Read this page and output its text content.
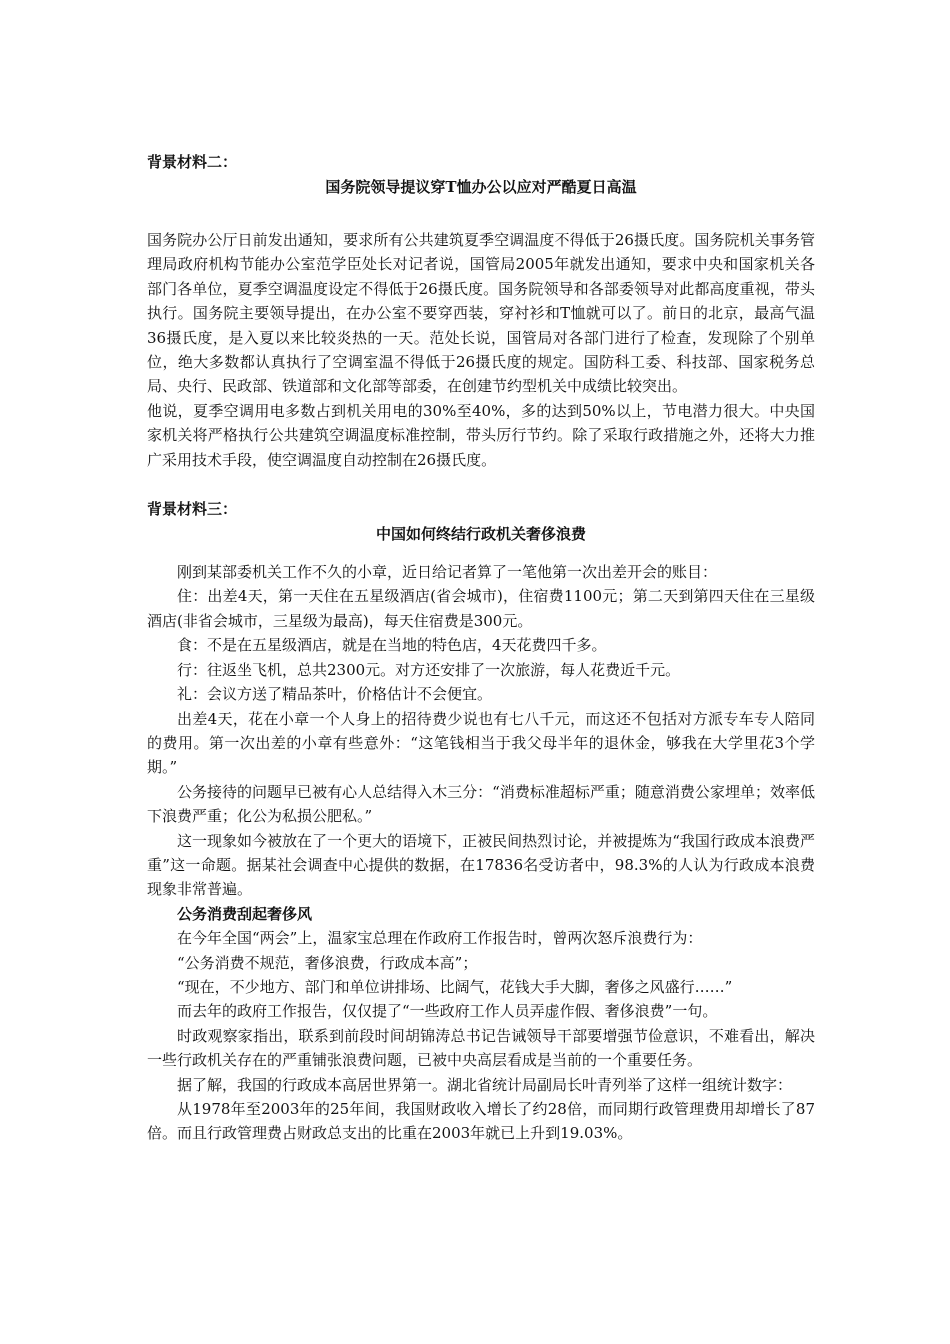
背景材料二：

国务院领导提议穿T恤办公以应对严酷夏日高温

国务院办公厅日前发出通知，要求所有公共建筑夏季空调温度不得低于26摄氏度。国务院机关事务管理局政府机构节能办公室范学臣处长对记者说，国管局2005年就发出通知，要求中央和国家机关各部门各单位，夏季空调温度设定不得低于26摄氏度。国务院领导和各部委领导对此都高度重视，带头执行。国务院主要领导提出，在办公室不要穿西装，穿衬衫和T恤就可以了。前日的北京，最高气温36摄氏度，是入夏以来比较炎热的一天。范处长说，国管局对各部门进行了检查，发现除了个别单位，绝大多数都认真执行了空调室温不得低于26摄氏度的规定。国防科工委、科技部、国家税务总局、央行、民政部、铁道部和文化部等部委，在创建节约型机关中成绩比较突出。

他说，夏季空调用电多数占到机关用电的30%至40%，多的达到50%以上，节电潜力很大。中央国家机关将严格执行公共建筑空调温度标准控制，带头厉行节约。除了采取行政措施之外，还将大力推广采用技术手段，使空调温度自动控制在26摄氏度。

背景材料三：

中国如何终结行政机关奢侈浪费

刚到某部委机关工作不久的小章，近日给记者算了一笔他第一次出差开会的账目：

住：出差4天，第一天住在五星级酒店(省会城市)，住宿费1100元；第二天到第四天住在三星级酒店(非省会城市，三星级为最高)，每天住宿费是300元。

食：不是在五星级酒店，就是在当地的特色店，4天花费四千多。

行：往返坐飞机，总共2300元。对方还安排了一次旅游，每人花费近千元。

礼：会议方送了精品茶叶，价格估计不会便宜。

出差4天，花在小章一个人身上的招待费少说也有七八千元，而这还不包括对方派专车专人陪同的费用。第一次出差的小章有些意外：“这笔钱相当于我父母半年的退休金，够我在大学里花3个学期。”

公务接待的问题早已被有心人总结得入木三分：“消费标准超标严重；随意消费公家埋单；效率低下浪费严重；化公为私损公肥私。”

这一现象如今被放在了一个更大的语境下，正被民间热烈讨论，并被提炼为“我国行政成本浪费严重”这一命题。据某社会调查中心提供的数据，在17836名受访者中，98.3%的人认为行政成本浪费现象非常普遍。

公务消费刮起奢侈风

在今年全国“两会”上，温家宝总理在作政府工作报告时，曾两次怒斥浪费行为：

“公务消费不规范，奢侈浪费，行政成本高”；

“现在，不少地方、部门和单位讲排场、比阔气，花钱大手大脚，奢侈之风盛行……”

而去年的政府工作报告，仅仅提了“一些政府工作人员弄虚作假、奢侈浪费”一句。

时政观察家指出，联系到前段时间胡锦涛总书记告诫领导干部要增强节俭意识，不难看出，解决一些行政机关存在的严重铺张浪费问题，已被中央高层看成是当前的一个重要任务。

据了解，我国的行政成本高居世界第一。湖北省统计局副局长叶青列举了这样一组统计数字：

从1978年至2003年的25年间，我国财政收入增长了约28倍，而同期行政管理费用却增长了87倍。而且行政管理费占财政总支出的比重在2003年就已上升到19.03%。
